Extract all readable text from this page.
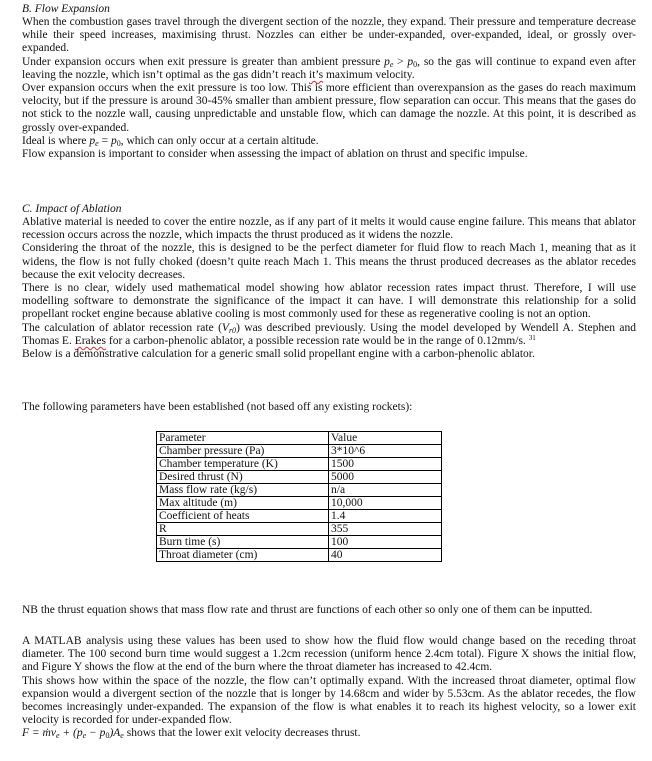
B. Flow Expansion

When the combustion gases travel through the divergent section of the nozzle, they expand. Their pressure and temperature decrease while their speed increases, maximising thrust. Nozzles can either be under-expanded, over-expanded, ideal, or grossly over-expanded.

Under expansion occurs when exit pressure is greater than ambient pressure $p_e > p_0$, so the gas will continue to expand even after leaving the nozzle, which isn’t optimal as the gas didn’t reach it’s maximum velocity.

Over expansion occurs when the exit pressure is too low. This is more efficient than overexpansion as the gases do reach maximum velocity, but if the pressure is around 30-45% smaller than ambient pressure, flow separation can occur. This means that the gases do not stick to the nozzle wall, causing unpredictable and unstable flow, which can damage the nozzle. At this point, it is described as grossly over-expanded.

Ideal is where $p_e = p_0$, which can only occur at a certain altitude.

Flow expansion is important to consider when assessing the impact of ablation on thrust and specific impulse.

C. Impact of Ablation

Ablative material is needed to cover the entire nozzle, as if any part of it melts it would cause engine failure. This means that ablator recession occurs across the nozzle, which impacts the thrust produced as it widens the nozzle.

Considering the throat of the nozzle, this is designed to be the perfect diameter for fluid flow to reach Mach 1, meaning that as it widens, the flow is not fully choked (doesn’t quite reach Mach 1. This means the thrust produced decreases as the ablator recedes because the exit velocity decreases.

There is no clear, widely used mathematical model showing how ablator recession rates impact thrust. Therefore, I will use modelling software to demonstrate the significance of the impact it can have. I will demonstrate this relationship for a solid propellant rocket engine because ablative cooling is most commonly used for these as regenerative cooling is not an option.

The calculation of ablator recession rate $(V_{r0})$ was described previously. Using the model developed by Wendell A. Stephen and Thomas E. Erakes for a carbon-phenolic ablator, a possible recession rate would be in the range of 0.12mm/s. $^{31}$

Below is a demonstrative calculation for a generic small solid propellant engine with a carbon-phenolic ablator.

The following parameters have been established (not based off any existing rockets):
Parameter	Value
Chamber pressure (Pa)	3*10^6
Chamber temperature (K)	1500
Desired thrust (N)	5000
Mass flow rate (kg/s)	n/a
Max altitude (m)	10,000
Coefficient of heats	1.4
R	355
Burn time (s)	100
Throat diameter (cm)	40
NB the thrust equation shows that mass flow rate and thrust are functions of each other so only one of them can be inputted.

A MATLAB analysis using these values has been used to show how the fluid flow would change based on the receding throat diameter. The 100 second burn time would suggest a 1.2cm recession (uniform hence 2.4cm total). Figure X shows the initial flow, and Figure Y shows the flow at the end of the burn where the throat diameter has increased to 42.4cm.

This shows how within the space of the nozzle, the flow can’t optimally expand. With the increased throat diameter, optimal flow expansion would a divergent section of the nozzle that is longer by 14.68cm and wider by 5.53cm. As the ablator recedes, the flow becomes increasingly under-expanded. The expansion of the flow is what enables it to reach its highest velocity, so a lower exit velocity is recorded for under-expanded flow.

F = ṁv$_e$ + $(p_e - p_0)A_e$ shows that the lower exit velocity decreases thrust.
